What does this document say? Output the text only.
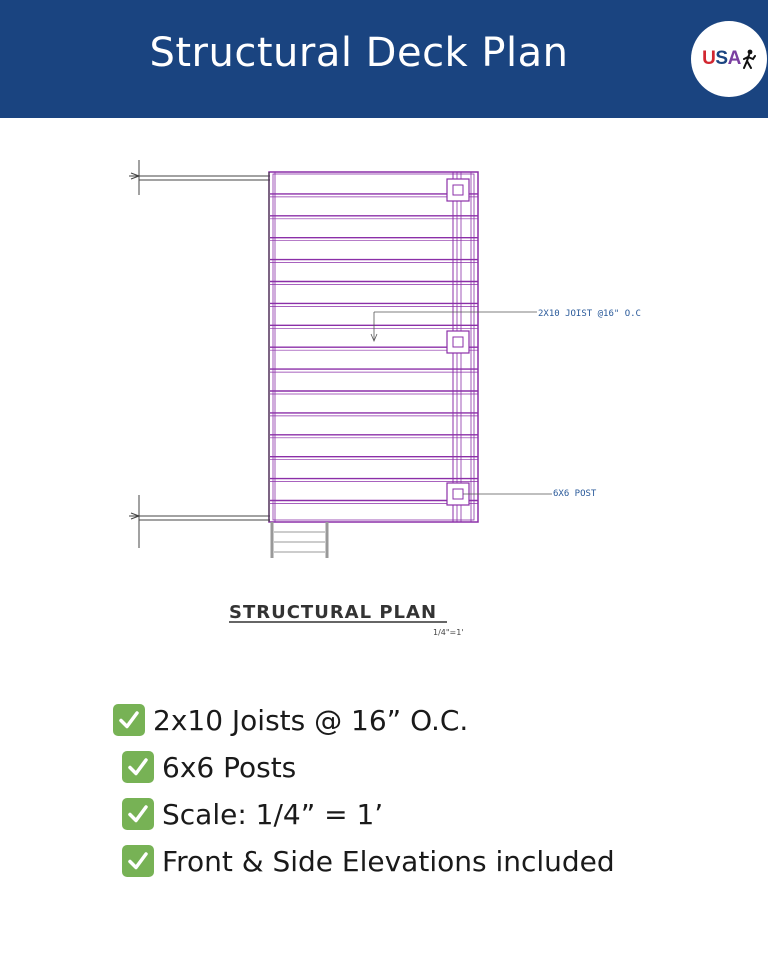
Structural Deck Plan	USA
2X10 JOIST @16" O.C
6X6 POST
STRUCTURAL PLAN
1/4"=1'
2x10 Joists @ 16” O.C.
6x6 Posts
Scale: 1/4” = 1’
Front & Side Elevations included
